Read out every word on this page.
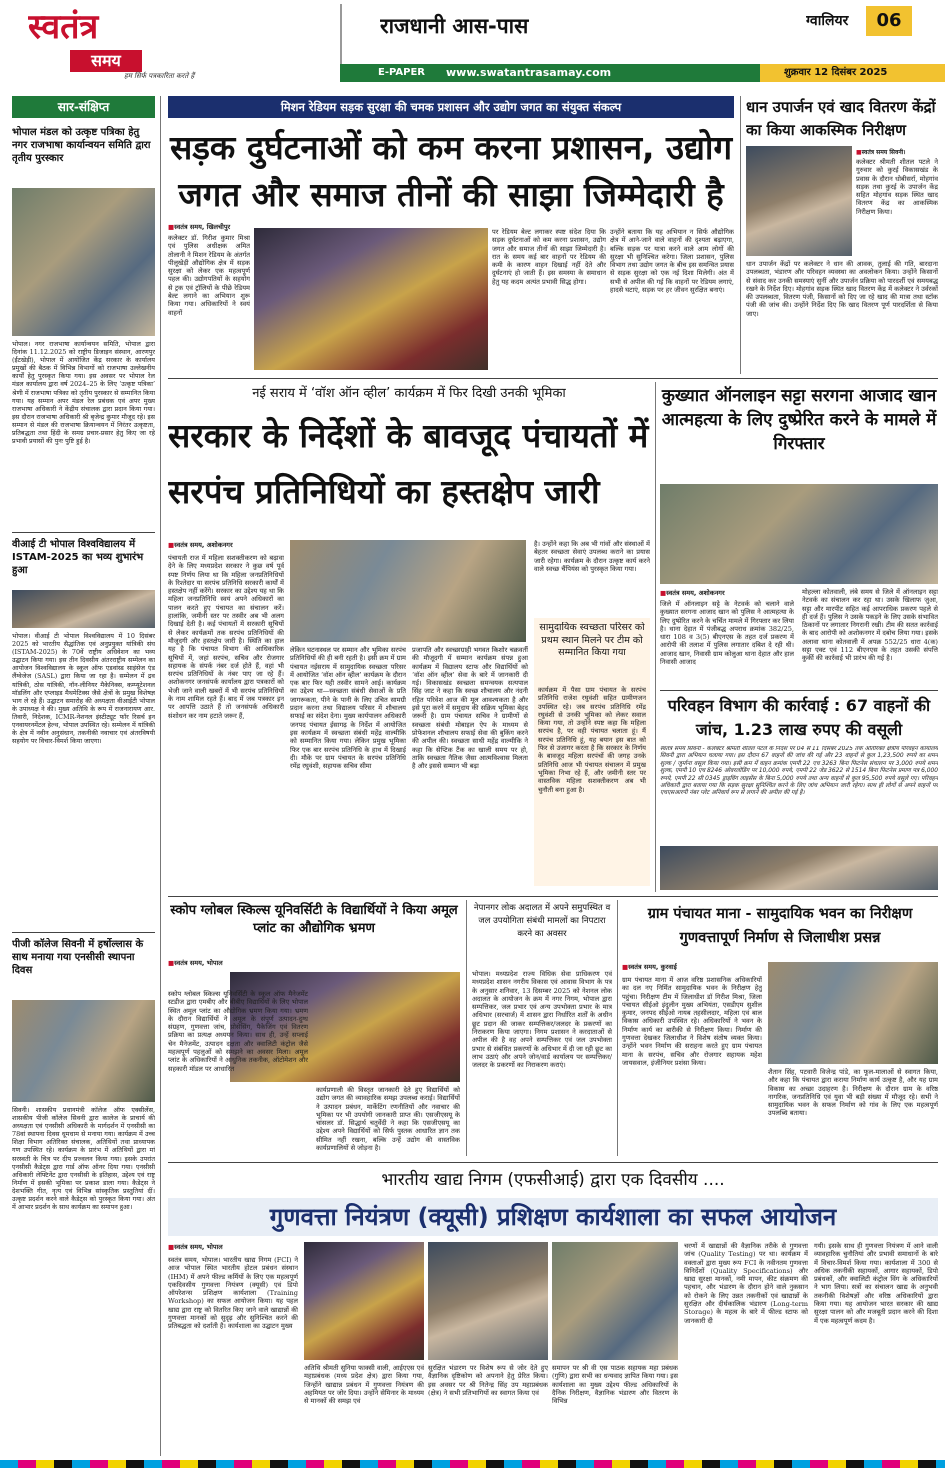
स्वतंत्र
समय
हम सिर्फ पत्रकारिता करते हैं
राजधानी आस-पास
E-PAPER	www.swatantrasamay.com	शुक्रवार 12 दिसंबर 2025
ग्वालियर	06
सार-संक्षिप्त
भोपाल मंडल को उत्कृष्ट पत्रिका हेतु नगर राजभाषा कार्यान्वयन समिति द्वारा तृतीय पुरस्कार
भोपाल। नगर राजभाषा कार्यान्वयन समिति, भोपाल द्वारा दिनांक 11.12.2025 को राष्ट्रीय डिजाइन संस्थान, आरणपुर (ईंटखेड़ी), भोपाल में आयोजित केंद्र सरकार के कार्यालय प्रमुखों की बैठक में विभिन्न विभागों को राजभाषा उल्लेखनीय कार्यों हेतु पुरस्कृत किया गया। इस अवसर पर भोपाल रेल मंडल कार्यालय द्वारा वर्ष 2024–25 के लिए ‘उत्कृष्ट पत्रिका’ श्रेणी में राजभाषा पत्रिका को तृतीय पुरस्कार से सम्मानित किया गया। यह सम्मान अपर मंडल रेल प्रबंधक एवं अपर मुख्य राजभाषा अधिकारी ने केंद्रीय संचालक द्वारा प्रदान किया गया। इस दौरान राजभाषा अधिकारी श्री बृजेन्द्र कुमार मौजूद रहे। इस सम्मान से मंडल की राजभाषा क्रियान्वयन में निरंतर उत्कृष्टता, प्रतिबद्धता तथा हिंदी के समग्र प्रचार-प्रसार हेतु किए जा रहे प्रभावी प्रयासों की पुनः पुष्टि हुई है।
वीआई टी भोपाल विश्वविद्यालय में ISTAM-2025 का भव्य शुभारंभ हुआ
भोपाल। वीआई टी भोपाल विश्वविद्यालय में 10 दिसंबर 2025 को भारतीय सैद्धांतिक एवं अनुप्रयुक्त यांत्रिकी संघ (ISTAM-2025) के 70वें राष्ट्रीय अधिवेशन का भव्य उद्घाटन किया गया। इस तीन दिवसीय अंतरराष्ट्रीय सम्मेलन का आयोजन विश्वविद्यालय के स्कूल ऑफ एडवांस्ड साइंसेज एंड लैंग्वेजेज (SASL) द्वारा किया जा रहा है। सम्मेलन में द्रव यांत्रिकी, ठोस यांत्रिकी, नॉन-लीनियर मैकेनिक्स, कम्प्यूटेशनल मॉडलिंग और एप्लाइड मैथमेटिक्स जैसे क्षेत्रों के प्रमुख विशेषज्ञ भाग ले रहे हैं। उद्घाटन समारोह की अध्यक्षता वीआईटी भोपाल के उपाध्यक्ष ने की। मुख्य अतिथि के रूप में राजनारायण आर. तिवारी, निदेशक, ICMR-नेशनल इंस्टीट्यूट फॉर रिसर्च इन एनवायरनमेंटल हेल्थ, भोपाल उपस्थित रहे। सम्मेलन में यांत्रिकी के क्षेत्र में नवीन अनुसंधान, तकनीकी नवाचार एवं अंतरविषयी सहयोग पर विचार-विमर्श किया जाएगा।
पीजी कॉलेज सिवनी में हर्षोल्लास के साथ मनाया गया एनसीसी स्थापना दिवस
सिवनी। शासकीय प्रधानमंत्री कॉलेज ऑफ एक्सीलेंस, शासकीय पीजी कॉलेज सिवनी द्वारा कालेज के प्राचार्य की अध्यक्षता एवं एनसीसी अधिकारी के मार्गदर्शन में एनसीसी का 78वां स्थापना दिवस धूमधाम से मनाया गया। कार्यक्रम में उच्च शिक्षा विभाग अतिरिक्त संचालक, अतिथियों तथा प्राध्यापक गण उपस्थित रहे। कार्यक्रम के प्रारंभ में अतिथियों द्वारा मां सरस्वती के चित्र पर दीप प्रज्वलन किया गया। इसके उपरांत एनसीसी कैडेट्स द्वारा गार्ड ऑफ ऑनर दिया गया। एनसीसी अधिकारी लेफ्टिनेंट द्वारा एनसीसी के इतिहास, उद्देश्य एवं राष्ट्र निर्माण में इसकी भूमिका पर प्रकाश डाला गया। कैडेट्स ने देशभक्ति गीत, नृत्य एवं विभिन्न सांस्कृतिक प्रस्तुतियां दीं। उत्कृष्ट प्रदर्शन करने वाले कैडेट्स को पुरस्कृत किया गया। अंत में आभार प्रदर्शन के साथ कार्यक्रम का समापन हुआ।
मिशन रेडियम सड़क सुरक्षा की चमक प्रशासन और उद्योग जगत का संयुक्त संकल्प
सड़क दुर्घटनाओं को कम करना प्रशासन, उद्योग जगत और समाज तीनों की साझा जिम्मेदारी है
■ स्वतंत्र समय, खिलचीपुर
कलेक्टर डॉ. गिरीश कुमार मिश्रा एवं पुलिस अधीक्षक अमित तोलानी ने मिशन रेडियम के अंतर्गत पीलूखेड़ी औद्योगिक क्षेत्र में सड़क सुरक्षा को लेकर एक महत्वपूर्ण पहल की। उद्योगपतियों के सहयोग से ट्रक एवं ट्रॉलियों के पीछे रेडियम बेल्ट लगाने का अभियान शुरू किया गया। अधिकारियों ने स्वयं वाहनों
पर रेडियम बेल्ट लगाकर स्पष्ट संदेश दिया कि सड़क दुर्घटनाओं को कम करना प्रशासन, उद्योग जगत और समाज तीनों की साझा जिम्मेदारी है। रात के समय कई बार वाहनों पर रेडियम की कमी के कारण वाहन दिखाई नहीं देते और दुर्घटनाएं हो जाती हैं। इस समस्या के समाधान हेतु यह कदम अत्यंत प्रभावी सिद्ध होगा।
उन्होंने बताया कि यह अभियान न सिर्फ औद्योगिक क्षेत्र में आने-जाने वाले वाहनों की दृश्यता बढ़ाएगा, बल्कि सड़क पर यात्रा करने वाले आम लोगों की सुरक्षा भी सुनिश्चित करेगा। जिला प्रशासन, पुलिस विभाग तथा उद्योग जगत के बीच इस समन्वित प्रयास से सड़क सुरक्षा को एक नई दिशा मिलेगी। अंत में सभी से अपील की गई कि वाहनों पर रेडियम लगाएं, हादसे घटाएं, सड़क पर हर जीवन सुरक्षित बनाएं।
धान उपार्जन एवं खाद वितरण केंद्रों का किया आकस्मिक निरीक्षण
■ स्वतंत्र समय सिवनी।
कलेक्टर श्रीमती शीतल पटले ने गुरुवार को कुरई विकासखंड के प्रवास के दौरान धोबीसर्रा, मोहगांव सड़क तथा कुरई के उपार्जन केंद्र सहित मोहगांव सड़क स्थित खाद वितरण केंद्र का आकस्मिक निरीक्षण किया।
धान उपार्जन केंद्रों पर कलेक्टर ने धान की आवक, तुलाई की गति, बारदाना उपलब्धता, भंडारण और परिवहन व्यवस्था का अवलोकन किया। उन्होंने किसानों से संवाद कर उनकी समस्याएं सुनीं और उपार्जन प्रक्रिया को पारदर्शी एवं समयबद्ध रखने के निर्देश दिए। मोहगांव सड़क स्थित खाद वितरण केंद्र में कलेक्टर ने उर्वरकों की उपलब्धता, वितरण पंजी, किसानों को दिए जा रहे खाद की मात्रा तथा स्टॉक पंजी की जांच की। उन्होंने निर्देश दिए कि खाद वितरण पूर्ण पारदर्शिता से किया जाए।
नई सराय में ‘वॉश ऑन व्हील’ कार्यक्रम में फिर दिखी उनकी भूमिका
सरकार के निर्देशों के बावजूद पंचायतों में सरपंच प्रतिनिधियों का हस्तक्षेप जारी
■ स्वतंत्र समय, अशोकनगर
पंचायती राज में महिला सशक्तीकरण को बढ़ावा देने के लिए मध्यप्रदेश सरकार ने कुछ वर्ष पूर्व स्पष्ट निर्णय लिया था कि महिला जनप्रतिनिधियों के रिश्तेदार या सरपंच प्रतिनिधि सरकारी कार्यों में हस्तक्षेप नहीं करेंगे। सरकार का उद्देश्य यह था कि महिला जनप्रतिनिधि स्वयं अपने अधिकारों का पालन करते हुए पंचायत का संचालन करें। हालांकि, जमीनी स्तर पर तस्वीर अब भी अलग दिखाई देती है। कई पंचायतों में सरकारी सूचियों से लेकर कार्यक्रमों तक सरपंच प्रतिनिधियों की मौजूदगी और हस्तक्षेप जारी है। स्थिति का हाल यह है कि पंचायत विभाग की आधिकारिक सूचियों में, जहां सरपंच, सचिव और रोजगार सहायक के संपर्क नंबर दर्ज होते हैं, वहां भी सरपंच प्रतिनिधियों के नंबर पाए जा रहे हैं। अशोकनगर जनसंपर्क कार्यालय द्वारा पत्रकारों को भेजी जाने वाली खबरों में भी सरपंच प्रतिनिधियों के नाम शामिल रहते हैं। बाद में जब पत्रकार इन पर आपत्ति उठाते हैं तो जनसंपर्क अधिकारी संशोधन कर नाम हटाते जरूर हैं,
लेकिन घटनास्थल पर सम्मान और भूमिका सरपंच प्रतिनिधियों की ही बनी रहती है। इसी क्रम में ग्राम पंचायत नईसराय में सामुदायिक स्वच्छता परिसर में आयोजित ‘वॉश ऑन व्हील’ कार्यक्रम के दौरान एक बार फिर यही तस्वीर सामने आई। कार्यक्रम का उद्देश्य था—स्वच्छता संबंधी सेवाओं के प्रति जागरूकता, पीने के पानी के लिए उचित सामग्री प्रदान करना तथा विद्यालय परिसर में शौचालय सफाई का संदेश देना। मुख्य कार्यपालन अधिकारी जनपद पंचायत ईसागढ़ के निर्देश में आयोजित इस कार्यक्रम में स्वच्छता संबंधी महेंद्र वाल्मीकि को सम्मानित किया गया। लेकिन प्रमुख भूमिका फिर एक बार सरपंच प्रतिनिधि के हाथ में दिखाई दी। मौके पर ग्राम पंचायत के सरपंच प्रतिनिधि रमेंद्र रघुवंशी, सहायक सचिव सीमा
प्रजापति और स्वच्छाग्राही भगवत किशोर चक्रवर्ती की मौजूदगी में सम्मान कार्यक्रम संपन्न हुआ कार्यक्रम में विद्यालय स्टाफ और विद्यार्थियों को ‘वॉश ऑन व्हील’ सेवा के बारे में जानकारी दी गई। विकासखंड स्वच्छता समन्वयक सत्यपाल सिंह जाट ने कहा कि स्वच्छ शौचालय और नंदनी रहित परिवेश आज की मूल आवश्यकता है और इसे पूरा करने में समुदाय की सक्रिय भूमिका बेहद जरूरी है। ग्राम पंचायत सचिव ने ग्रामीणों से स्वच्छता संबंधी मोबाइल ऐप के माध्यम से प्रोफेशनल शौचालय सफाई सेवा की बुकिंग करने की अपील की। स्वच्छता साथी महेंद्र वाल्मीकि ने कहा कि सेप्टिक टैंक का खाली समय पर हो, ताकि स्वच्छता नैतिक जैसा आत्मविश्वास मिलता है और इससे सम्मान भी बढ़ा
है। उन्होंने कहा कि अब भी गांवों और संस्थाओं में बेहतर स्वच्छता सेवाएं उपलब्ध कराने का प्रयास जारी रहेगा। कार्यक्रम के दौरान उत्कृष्ट कार्य करने वाले स्वच्छ चैंपियंस को पुरस्कृत किया गया।
सामुदायिक स्वच्छता परिसर को प्रथम स्थान मिलने पर टीम को सम्मानित किया गया
कार्यक्रम में पैसा ग्राम पंचायत के सरपंच प्रतिनिधि राजेश रघुवंशी सहित ग्रामीणजन उपस्थित रहे। जब सरपंच प्रतिनिधि रमेंद्र रघुवंशी से उनकी भूमिका को लेकर सवाल किया गया, तो उन्होंने स्पष्ट कहा कि महिला सरपंच है, पर वही पंचायत चलाता हूं। मैं सरपंच प्रतिनिधि हूं, यह बयान इस बात को फिर से उजागर करता है कि सरकार के निर्णय के बावजूद महिला सरपंचों की जगह उनके प्रतिनिधि आज भी पंचायत संचालन में प्रमुख भूमिका निभा रहे हैं, और जमीनी स्तर पर वास्तविक महिला सशक्तीकरण अब भी चुनौती बना हुआ है।
कुख्यात ऑनलाइन सट्टा सरगना आजाद खान आत्महत्या के लिए दुष्प्रेरित करने के मामले में गिरफ्तार
■ स्वतंत्र समय, अशोकनगर
जिले में ऑनलाइन सट्टे के नेटवर्क को चलाने वाले कुख्यात सरगना आजाद खान को पुलिस ने आत्महत्या के लिए दुष्प्रेरित करने के चर्चित मामले में गिरफ्तार कर लिया है। थाना देहात में पंजीबद्ध अपराध क्रमांक 382/25, धारा 108 व 3(5) बीएनएस के तहत दर्ज प्रकरण में आरोपी की तलाश में पुलिस लगातार दबिश दे रही थी। आजाद खान, निवासी ग्राम कोलुआ थाना देहात और हाल निवासी आजाद
मोहल्ला कोतवाली, लंबे समय से जिले में ऑनलाइन सट्टा नेटवर्क का संचालन कर रहा था। उसके खिलाफ जुआ, सट्टा और मारपीट सहित कई आपराधिक प्रकरण पहले से ही दर्ज हैं। पुलिस ने उसके पकड़ने के लिए उसके संभावित ठिकानों पर लगातार निगरानी रखी। टीम की सतत कार्रवाई के बाद आरोपी को अशोकनगर में दबोच लिया गया। इसके अलावा थाना कोतवाली में अपक्र 552/25 धारा 4(क) सट्टा एक्ट एवं 112 बीएनएस के तहत उसकी संपत्ति कुर्की की कार्रवाई भी प्रारंभ की गई है।
परिवहन विभाग की कार्रवाई : 67 वाहनों की जांच, 1.23 लाख रुपए की वसूली
स्वतंत्र समय सिवनी - कलेक्टर श्रीमती शीतल पटले के निर्देश पर 04 से 11 दिसंबर 2025 तक अतिरिक्त क्षेत्रीय परिवहन कार्यालय सिवनी द्वारा अभियान चलाया गया। इस दौरान 67 वाहनों की जांच की गई और 23 वाहनों से कुल 1,23,500 रुपये का शमन शुल्क / जुर्माना वसूल किया गया। इसी क्रम में वाहन क्रमांक एमपी 22 एच 3263 बिना फिटनेस संचालन पर 3,000 रुपये शमन शुल्क, एमपी 10 एच 8246 ओवरलोडिंग पर 10,000 रुपये, एमपी 22 जेड 3622 से 1514 बिना फिटनेस प्रमाण पत्र 6,000 रुपये, एमपी 22 सी 0345 ड्राइविंग लाइसेंस के बिना 5,000 रुपये तथा अन्य वाहनों से कुल 95,500 रुपये वसूले गए। परिवहन अधिकारी द्वारा बताया गया कि सड़क सुरक्षा सुनिश्चित करने के लिए जांच अभियान जारी रहेगा। साथ ही लोगों से अपने वाहनों पर एचएसआरपी नंबर प्लेट अनिवार्य रूप से लगाने की अपील की गई है।
स्कोप ग्लोबल स्किल्स यूनिवर्सिटी के विद्यार्थियों ने किया अमूल प्लांट का औद्योगिक भ्रमण
■ स्वतंत्र समय, भोपाल
स्कोप ग्लोबल स्किल्स यूनिवर्सिटी के स्कूल ऑफ मैनेजमेंट स्टडीज द्वारा एमबीए और बीबीए विद्यार्थियों के लिए भोपाल स्थित अमूल प्लांट का औद्योगिक भ्रमण किया गया। भ्रमण के दौरान विद्यार्थियों ने अमूल के संपूर्ण उत्पादन-दुग्ध संग्रहण, गुणवत्ता जांच, प्रोसेसिंग, पैकेजिंग एवं वितरण प्रक्रिया का प्रत्यक्ष अध्ययन किया। साथ ही, उन्हें सप्लाई चेन मैनेजमेंट, उत्पादन दक्षता और क्वालिटी कंट्रोल जैसे महत्वपूर्ण पहलुओं को समझने का अवसर मिला। अमूल प्लांट के अधिकारियों ने आधुनिक तकनीक, ऑटोमेशन और सहकारी मॉडल पर आधारित
कार्यप्रणाली की विस्तृत जानकारी देते हुए विद्यार्थियों को उद्योग जगत की व्यावहारिक समझ उपलब्ध कराई। विद्यार्थियों ने उत्पादन प्रबंधन, मार्केटिंग रणनीतियों और नवाचार की भूमिका पर भी उपयोगी जानकारी प्राप्त की। एसजीएसयू के चांसलर डॉ. सिद्धार्थ चतुर्वेदी ने कहा कि एसजीएसयू का उद्देश्य अपने विद्यार्थियों को सिर्फ पुस्तक आधारित ज्ञान तक सीमित नहीं रखना, बल्कि उन्हें उद्योग की वास्तविक कार्यप्रणालियों से जोड़ना है।
नेपानगर लोक अदालत में अपने समुपस्थित व जल उपयोगिता संबंधी मामलों का निपटारा करने का अवसर
भोपाल। मध्यप्रदेश राज्य विधिक सेवा प्राधिकरण एवं मध्यप्रदेश शासन नगरीय विकास एवं आवास विभाग के पत्र के अनुसार शनिवार, 13 दिसम्बर 2025 को नेशनल लोक अदालत के आयोजन के क्रम में नगर निगम, भोपाल द्वारा सम्पत्तिकर, जल प्रभार एवं अन्य उपभोक्ता प्रभार के मात्र अधिभार (सरचार्ज) में शासन द्वारा निर्धारित शर्तों के अधीन छूट प्रदान की जाकर सम्पत्तिकर/जलदर के प्रकरणों का निराकरण किया जाएगा। निगम प्रशासन ने करदाताओं से अपील की है वह अपने सम्पत्तिकर एवं जल उपभोक्ता प्रभार से संबंधित प्रकरणों के अधिभार में दी जा रही छूट का लाभ उठाएं और अपने जोन/वार्ड कार्यालय पर सम्पत्तिकर/जलदर के प्रकरणों का निराकरण कराएं।
ग्राम पंचायत माना - सामुदायिक भवन का निरीक्षण गुणवत्तापूर्ण निर्माण से जिलाधीश प्रसन्न
■ स्वतंत्र समय, कुरवाई
ग्राम पंचायत माना में आज वरिष्ठ प्रशासनिक अधिकारियों का दल नए निर्मित सामुदायिक भवन के निरीक्षण हेतु पहुंचा। निरीक्षण टीम में जिलाधीश डॉ गिरीश मिश्रा, जिला पंचायत सीईओ इंदुलीन मुख्य अभियंता, एसडीएम सुशील कुमार, जनपद सीईओ नायब तहसीलदार, महिला एवं बाल विकास अधिकारी उपस्थित रहे। अधिकारियों ने भवन के निर्माण कार्य का बारीकी से निरीक्षण किया। निर्माण की गुणवत्ता देखकर जिलाधीश ने विशेष संतोष व्यक्त किया। उन्होंने भवन निर्माण की सराहना करते हुए ग्राम पंचायत माना के सरपंच, सचिव और रोजगार सहायक महेश जायसवाल, इंजीनियर प्रशंसा किया।
शैतान सिंह, पटवारी विजेन्द्र पांडे, का फूल-मालाओं से स्वागत किया, और कहा कि पंचायत द्वारा कराया निर्माण कार्य उत्कृष्ट है, और यह ग्राम विकास का अच्छा उदाहरण है। निरीक्षण के दौरान ग्राम के वरिष्ठ नागरिक, जनप्रतिनिधि एवं युवा भी बड़ी संख्या में मौजूद रहे। सभी ने सामुदायिक भवन के सफल निर्माण को गांव के लिए एक महत्वपूर्ण उपलब्धि बताया।
भारतीय खाद्य निगम (एफसीआई) द्वारा एक दिवसीय ....
गुणवत्ता नियंत्रण (क्यूसी) प्रशिक्षण कार्यशाला का सफल आयोजन
■ स्वतंत्र समय, भोपाल
स्वतंत्र समय, भोपाल। भारतीय खाद्य निगम (FCI) ने आज भोपाल स्थित भारतीय होटल प्रबंधन संस्थान (IHM) में अपने फील्ड कर्मियों के लिए एक महत्वपूर्ण एकदिवसीय गुणवत्ता नियंत्रण (क्यूसी) एवं डिपो ऑपरेशन्स प्रशिक्षण कार्यशाला (Training Workshop) का सफल आयोजन किया। यह पहल खाद्य द्वारा राष्ट्र को वितरित किए जाने वाले खाद्यान्नों की गुणवत्ता मानकों को सुदृढ़ और सुनिश्चित करने की प्रतिबद्धता को दर्शाती है। कार्यशाला का उद्घाटन मुख्य
अतिथि श्रीमती सुनिया फाक्सी वाली, आईएएस एवं महाप्रबंधक (मध्य प्रदेश क्षेत्र) द्वारा किया गया, जिन्होंने खाद्यान्न प्रबंधन में गुणवत्ता नियंत्रण की अहमियत पर जोर दिया। उन्होंने सेमिनार के माध्यम से मानकों की समझ एवं
सुरक्षित भंडारण पर विशेष रूप से जोर देते हुए वैज्ञानिक दृष्टिकोण को अपनाने हेतु प्रेरित किया। इस अवसर पर श्री नितेन्द्र सिंह उप महाप्रबंधक (क्षेत्र) ने सभी प्रतिभागियों का स्वागत किया एवं
समापन पर श्री वी एस पाठक सहायक महा प्रबंधक (गुणि) द्वारा सभी का धन्यवाद ज्ञापित किया गया। इस कार्यशाला का मुख्य उद्देश्य फील्ड अधिकारियों के दैनिक निरीक्षण, वैज्ञानिक भंडारण और वितरण के विभिन्न
चरणों में खाद्यान्नों की वैज्ञानिक तरीके से गुणवत्ता जांच (Quality Testing) पर था। कार्यक्रम में वक्ताओं द्वारा मुख्य रूप FCI के नवीनतम गुणवत्ता विनिर्देशों (Quality Specifications) और खाद्य सुरक्षा मानकों, नमी मापन, कीट संक्रमण की पहचान, और भंडारण के दौरान होने वाले नुकसान को रोकने के लिए उन्नत तकनीकों एवं खाद्यान्नों के सुरक्षित और दीर्घकालिक भंडारण (Long-term Storage) के महत्व के बारे में फील्ड स्टाफ को जानकारी दी
गयी। इसके साथ ही गुणवत्ता नियंत्रण में आने वाली व्यावहारिक चुनौतियां और प्रभावी समाधानों के बारे में विचार-विमर्श किया गया। कार्यशाला में 300 से अधिक तकनीकी सहायकों, आगार सहायकों, डिपो प्रबंधकों, और क्वालिटी कंट्रोल विंग के अधिकारियों ने भाग लिया। सत्रों का संचालन खाद्य के अनुभवी तकनीकी विशेषज्ञों और वरिष्ठ अधिकारियों द्वारा किया गया। यह आयोजन भारत सरकार की खाद्य सुरक्षा पालन को और मजबूती प्रदान करने की दिशा में एक महत्वपूर्ण कदम है।
